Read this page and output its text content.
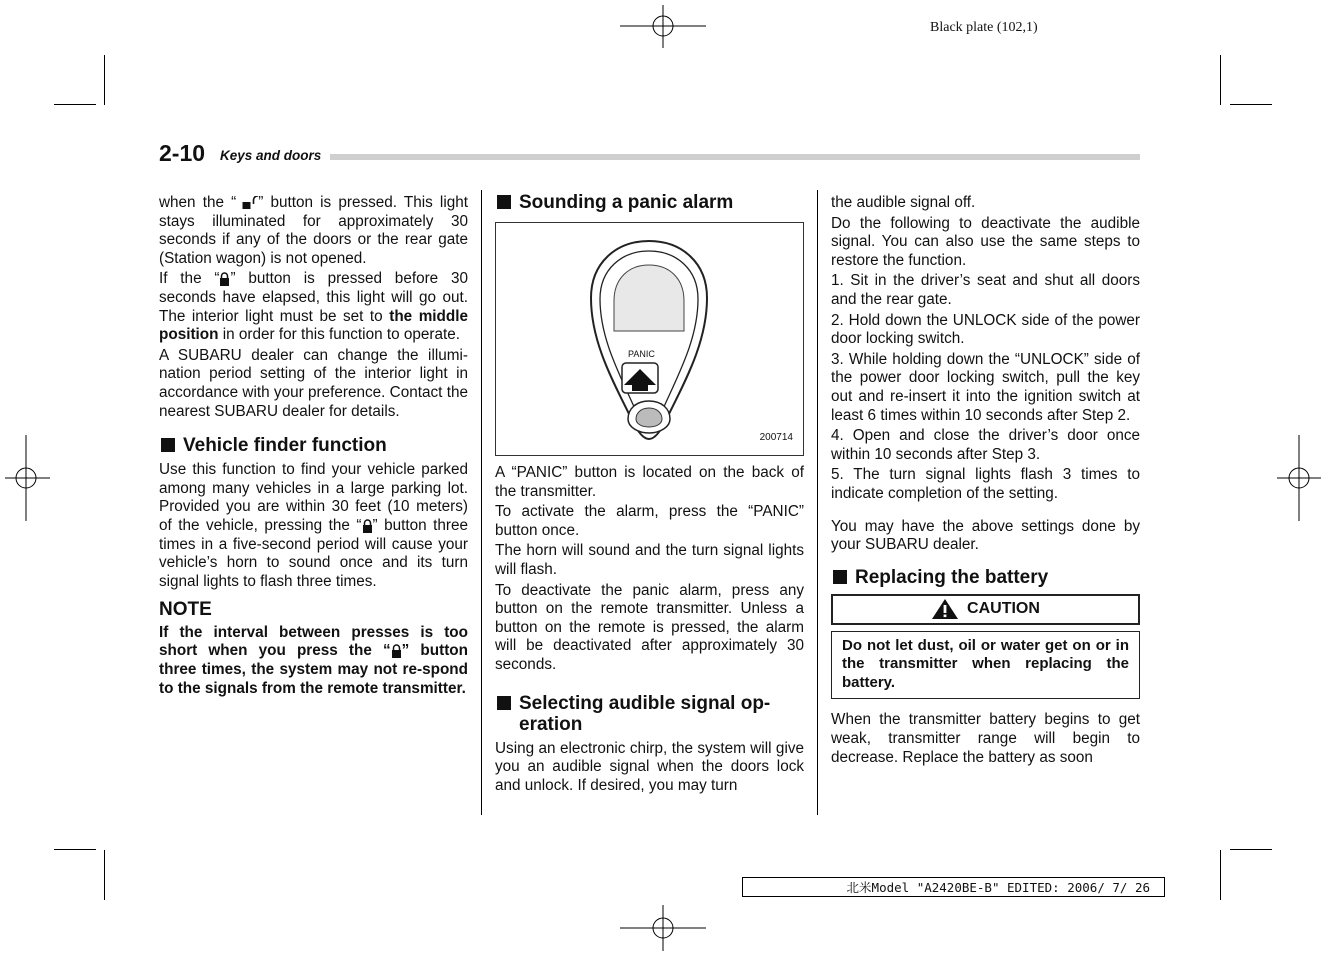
Black plate (102,1)
2-10 Keys and doors

when the “ ” button is pressed. This light stays illuminated for approximately 30 seconds if any of the doors or the rear gate (Station wagon) is not opened.

If the “ ” button is pressed before 30 seconds have elapsed, this light will go out. The interior light must be set to the middle position in order for this function to operate.

A SUBARU dealer can change the illumi-nation period setting of the interior light in accordance with your preference. Contact the nearest SUBARU dealer for details.

Vehicle finder function

Use this function to find your vehicle parked among many vehicles in a large parking lot. Provided you are within 30 feet (10 meters) of the vehicle, pressing the “ ” button three times in a five-second period will cause your vehicle’s horn to sound once and its turn signal lights to flash three times.

NOTE

If the interval between presses is too short when you press the “ ” button three times, the system may not re-spond to the signals from the remote transmitter.

Sounding a panic alarm
PANIC
200714

A “PANIC” button is located on the back of the transmitter.

To activate the alarm, press the “PANIC” button once.

The horn will sound and the turn signal lights will flash.

To deactivate the panic alarm, press any button on the remote transmitter. Unless a button on the remote is pressed, the alarm will be deactivated after approximately 30 seconds.

Selecting audible signal op-eration

Using an electronic chirp, the system will give you an audible signal when the doors lock and unlock. If desired, you may turn

the audible signal off.

Do the following to deactivate the audible signal. You can also use the same steps to restore the function.

1. Sit in the driver’s seat and shut all doors and the rear gate.

2. Hold down the UNLOCK side of the power door locking switch.

3. While holding down the “UNLOCK” side of the power door locking switch, pull the key out and re-insert it into the ignition switch at least 6 times within 10 seconds after Step 2.

4. Open and close the driver’s door once within 10 seconds after Step 3.

5. The turn signal lights flash 3 times to indicate completion of the setting.

You may have the above settings done by your SUBARU dealer.

Replacing the battery
CAUTION
Do not let dust, oil or water get on or in the transmitter when replacing the battery.

When the transmitter battery begins to get weak, transmitter range will begin to decrease. Replace the battery as soon

北米Model "A2420BE-B" EDITED: 2006/ 7/ 26
